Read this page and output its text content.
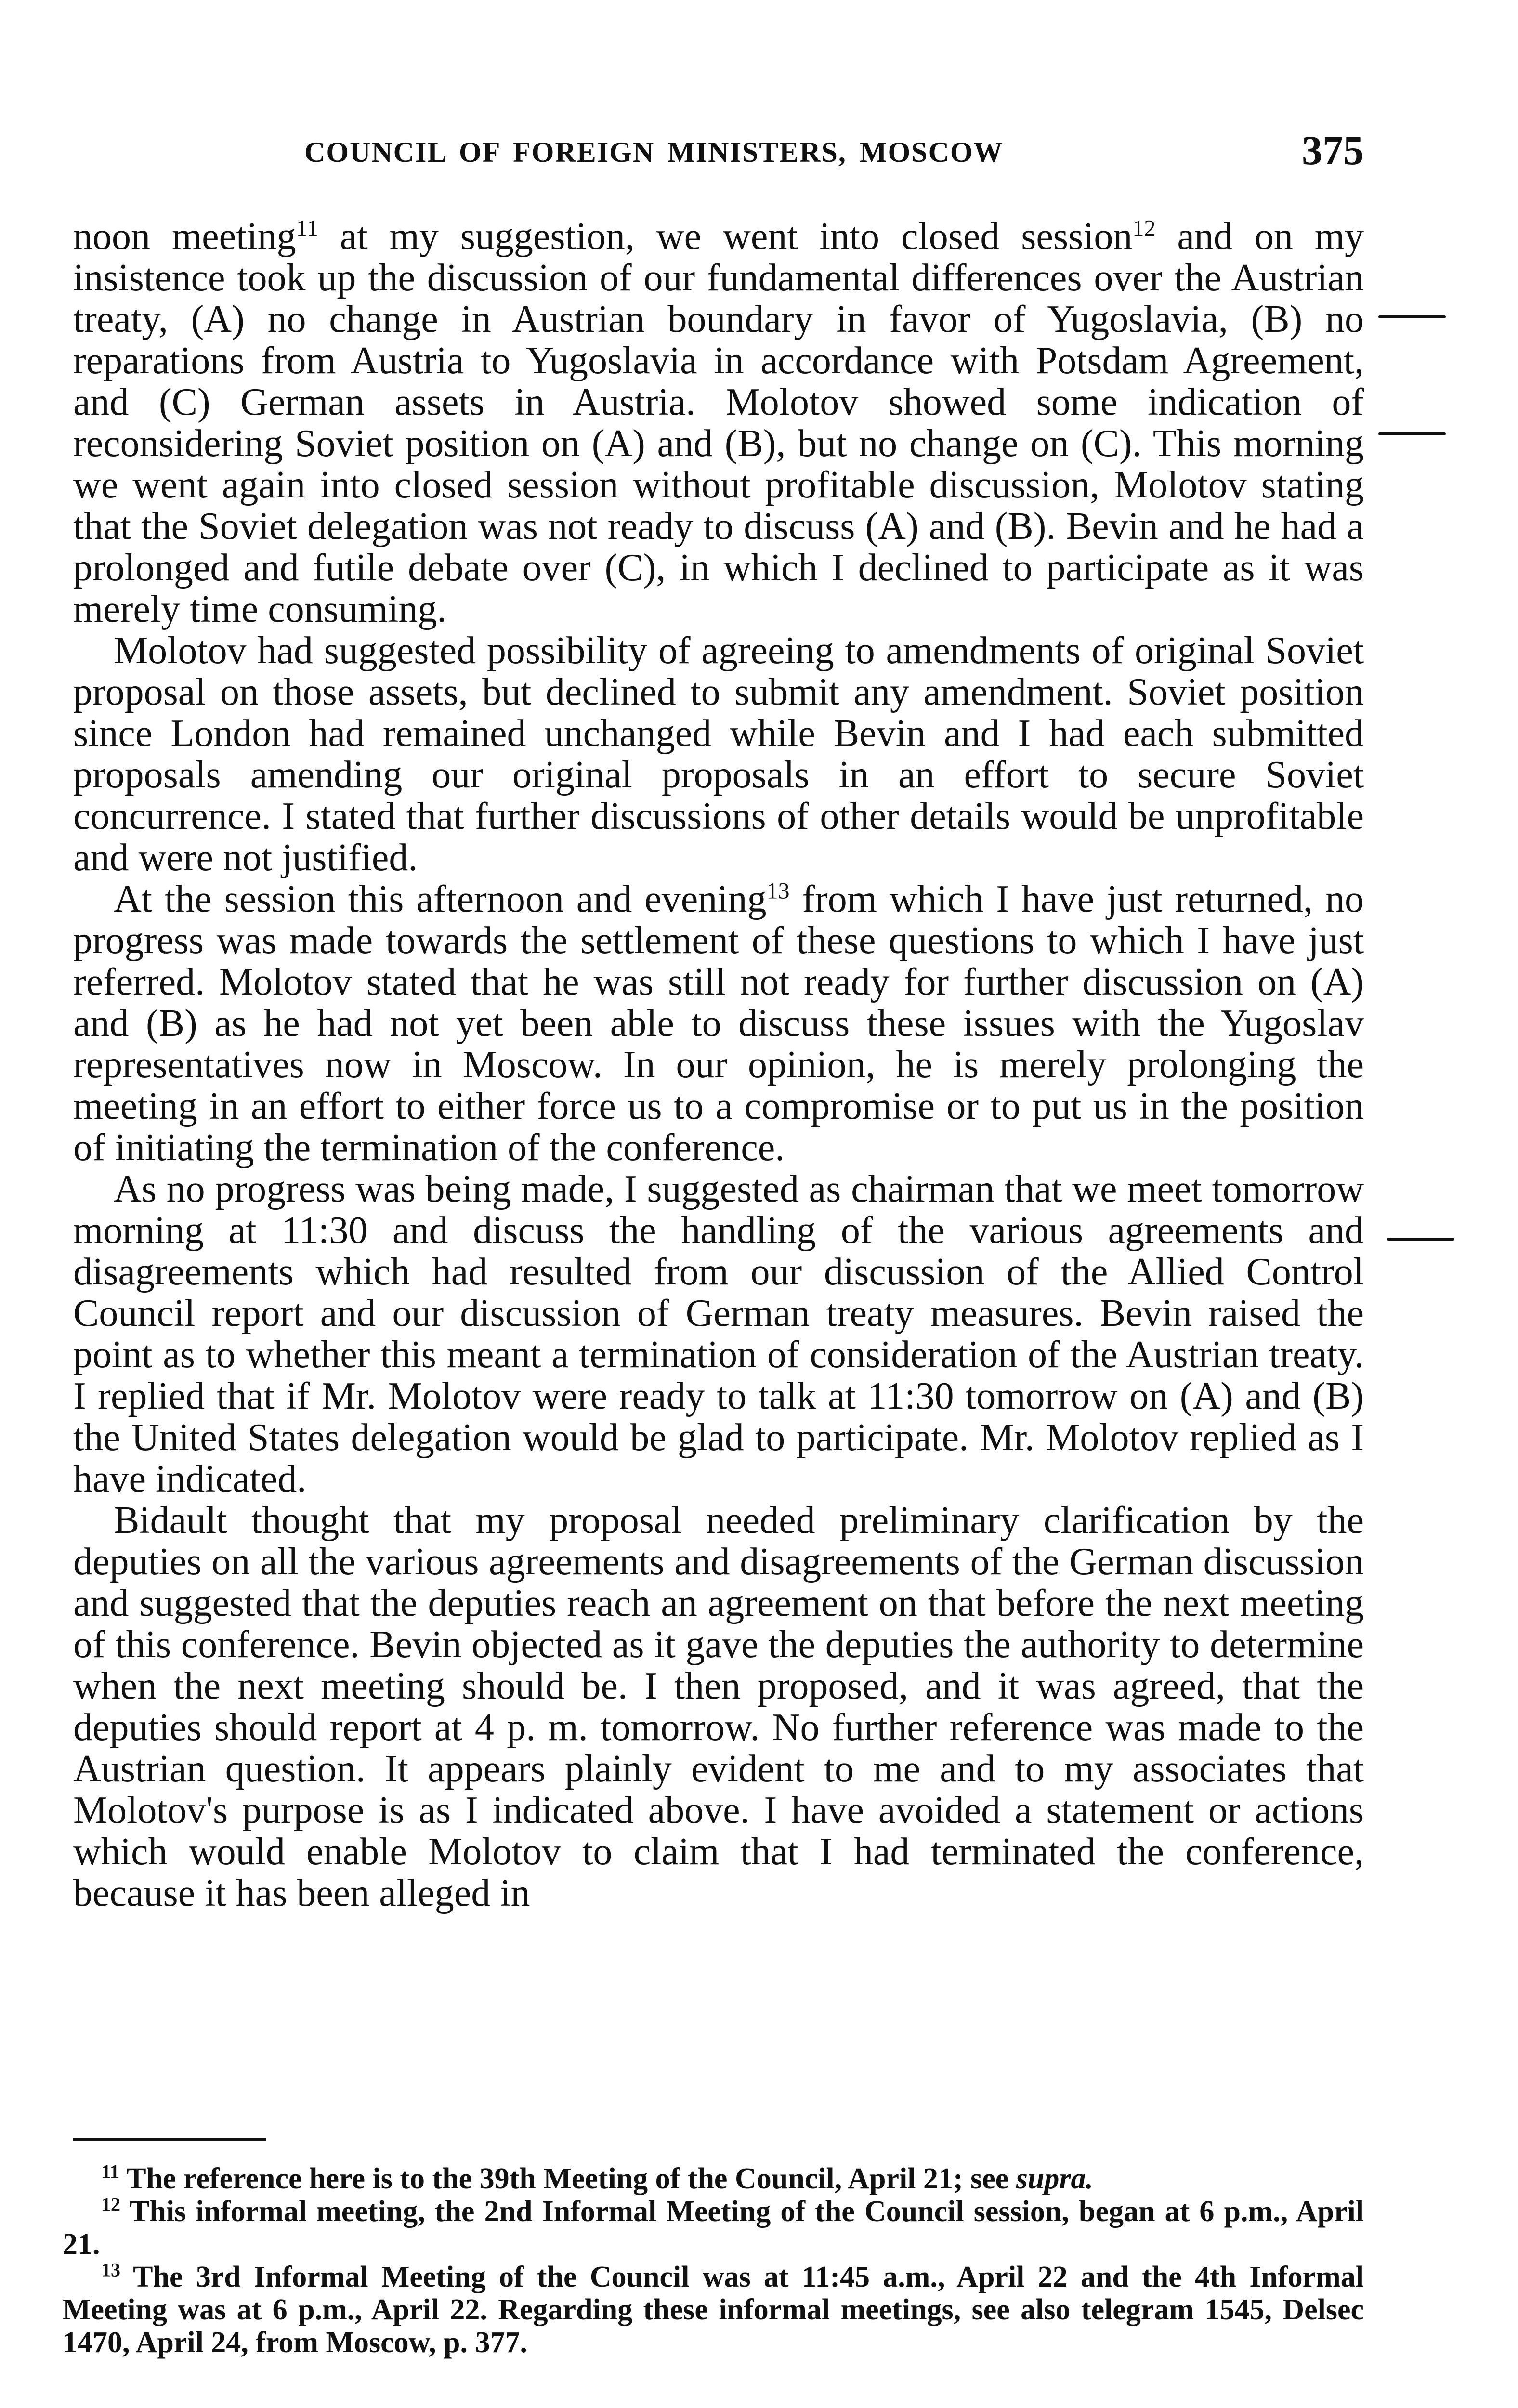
COUNCIL OF FOREIGN MINISTERS, MOSCOW	375

noon meeting$^{11}$ at my suggestion, we went into closed session$^{12}$ and on my insistence took up the discussion of our fundamental differences over the Austrian treaty, (A) no change in Austrian boundary in favor of Yugoslavia, (B) no reparations from Austria to Yugoslavia in accordance with Potsdam Agreement, and (C) German assets in Austria. Molotov showed some indication of reconsidering Soviet position on (A) and (B), but no change on (C). This morning we went again into closed session without profitable discussion, Molotov stating that the Soviet delegation was not ready to discuss (A) and (B). Bevin and he had a prolonged and futile debate over (C), in which I declined to participate as it was merely time consuming.

Molotov had suggested possibility of agreeing to amendments of original Soviet proposal on those assets, but declined to submit any amendment. Soviet position since London had remained unchanged while Bevin and I had each submitted proposals amending our original proposals in an effort to secure Soviet concurrence. I stated that further discussions of other details would be unprofitable and were not justified.

At the session this afternoon and evening$^{13}$ from which I have just returned, no progress was made towards the settlement of these questions to which I have just referred. Molotov stated that he was still not ready for further discussion on (A) and (B) as he had not yet been able to discuss these issues with the Yugoslav representatives now in Moscow. In our opinion, he is merely prolonging the meeting in an effort to either force us to a compromise or to put us in the position of initiating the termination of the conference.

As no progress was being made, I suggested as chairman that we meet tomorrow morning at 11:30 and discuss the handling of the various agreements and disagreements which had resulted from our discussion of the Allied Control Council report and our discussion of German treaty measures. Bevin raised the point as to whether this meant a termination of consideration of the Austrian treaty. I replied that if Mr. Molotov were ready to talk at 11:30 tomorrow on (A) and (B) the United States delegation would be glad to participate. Mr. Molotov replied as I have indicated.

Bidault thought that my proposal needed preliminary clarification by the deputies on all the various agreements and disagreements of the German discussion and suggested that the deputies reach an agreement on that before the next meeting of this conference. Bevin objected as it gave the deputies the authority to determine when the next meeting should be. I then proposed, and it was agreed, that the deputies should report at 4 p. m. tomorrow. No further reference was made to the Austrian question. It appears plainly evident to me and to my associates that Molotov's purpose is as I indicated above. I have avoided a statement or actions which would enable Molotov to claim that I had terminated the conference, because it has been alleged in

$^{11}$ The reference here is to the 39th Meeting of the Council, April 21; see supra.

$^{12}$ This informal meeting, the 2nd Informal Meeting of the Council session, began at 6 p.m., April 21.

$^{13}$ The 3rd Informal Meeting of the Council was at 11:45 a.m., April 22 and the 4th Informal Meeting was at 6 p.m., April 22. Regarding these informal meetings, see also telegram 1545, Delsec 1470, April 24, from Moscow, p. 377.
